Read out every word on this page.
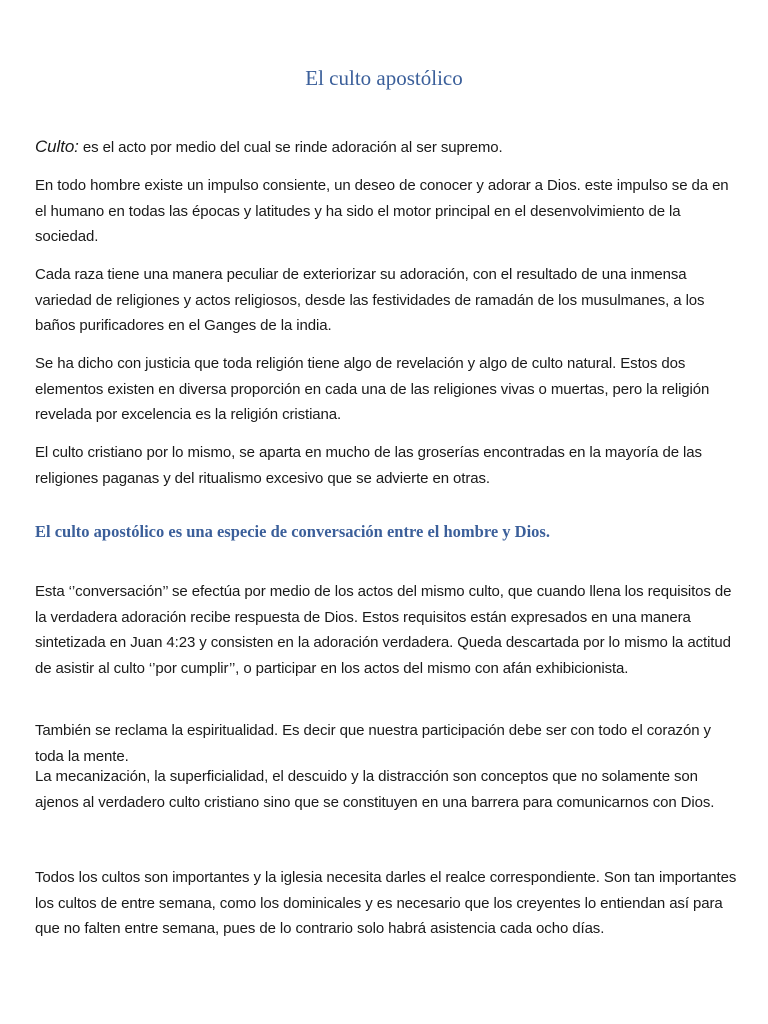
El culto apostólico

Culto: es el acto por medio del cual se rinde adoración al ser supremo.

En todo hombre existe un impulso consiente, un deseo de conocer y adorar a Dios. este impulso se da en el humano en todas las épocas y latitudes y ha sido el motor principal en el desenvolvimiento de la sociedad.

Cada raza tiene una manera peculiar de exteriorizar su adoración, con el resultado de una inmensa variedad de religiones y actos religiosos, desde las festividades de ramadán de los musulmanes, a los baños purificadores en el Ganges de la india.

Se ha dicho con justicia que toda religión tiene algo de revelación y algo de culto natural. Estos dos elementos existen en diversa proporción en cada una de las religiones vivas o muertas, pero la religión revelada por excelencia es la religión cristiana.

El culto cristiano por lo mismo, se aparta en mucho de las groserías encontradas en la mayoría de las religiones paganas y del ritualismo excesivo que se advierte en otras.

El culto apostólico es una especie de conversación entre el hombre y Dios.

Esta ‘’conversación’’ se efectúa por medio de los actos del mismo culto, que cuando llena los requisitos de la verdadera adoración recibe respuesta de Dios. Estos requisitos están expresados en una manera sintetizada en Juan 4:23 y consisten en la adoración verdadera. Queda descartada por lo mismo la actitud de asistir al culto ‘’por cumplir’’, o participar en los actos del mismo con afán exhibicionista.

También se reclama la espiritualidad. Es decir que nuestra participación debe ser con todo el corazón y toda la mente.

La mecanización, la superficialidad, el descuido y la distracción son conceptos que no solamente son ajenos al verdadero culto cristiano sino que se constituyen en una barrera para comunicarnos con Dios.

Todos los cultos son importantes y la iglesia necesita darles el realce correspondiente. Son tan importantes los cultos de entre semana, como los dominicales y es necesario que los creyentes lo entiendan así para que no falten entre semana, pues de lo contrario solo habrá asistencia cada ocho días.
